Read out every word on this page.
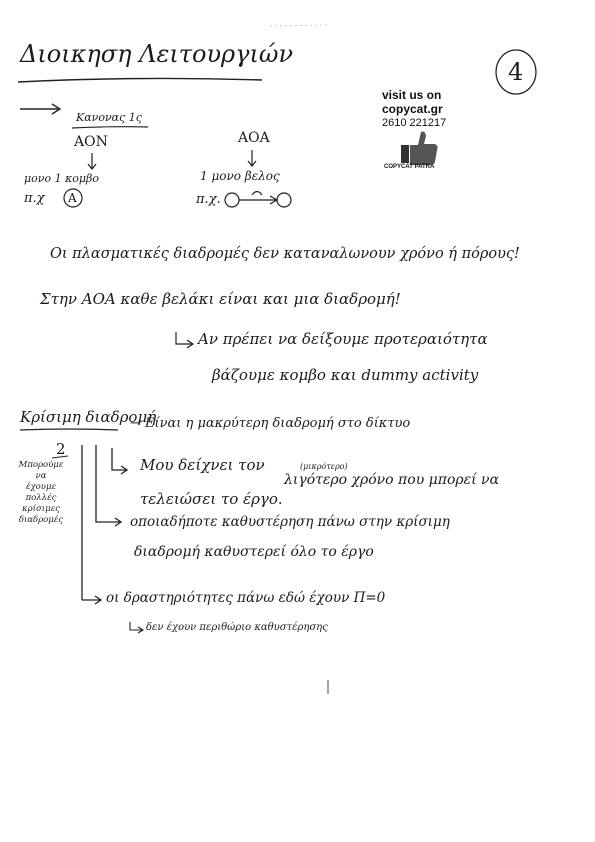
Διοικηση Λειτουργιών
4
visit us on
copycat.gr
2610 221217
COPYCAT PATRA
Κανονας 1ς
AON	AOA
μονο 1 κομβο	1 μονο βελος
π.χ A	π.χ.
Οι πλασματικές διαδρομές δεν καταναλωνουν χρόνο ή πόρους!
Στην AOA καθε βελάκι είναι και μια διαδρομή!
Αν πρέπει να δείξουμε προτεραιότητα
βάζουμε κομβο και dummy activity
Κρίσιμη διαδρομή
→ Είναι η μακρύτερη διαδρομή στο δίκτυο
2
Μπορούμε
να
έχουμε
πολλές
κρίσιμες
διαδρομές
Μου δείχνει τον	(μικρότερο)
λιγότερο χρόνο που μπορεί να
τελειώσει το έργο.
οποιαδήποτε καθυστέρηση πάνω στην κρίσιμη
διαδρομή καθυστερεί όλο το έργο
οι δραστηριότητες πάνω εδώ έχουν Π=0
δεν έχουν περιθώριο καθυστέρησης
